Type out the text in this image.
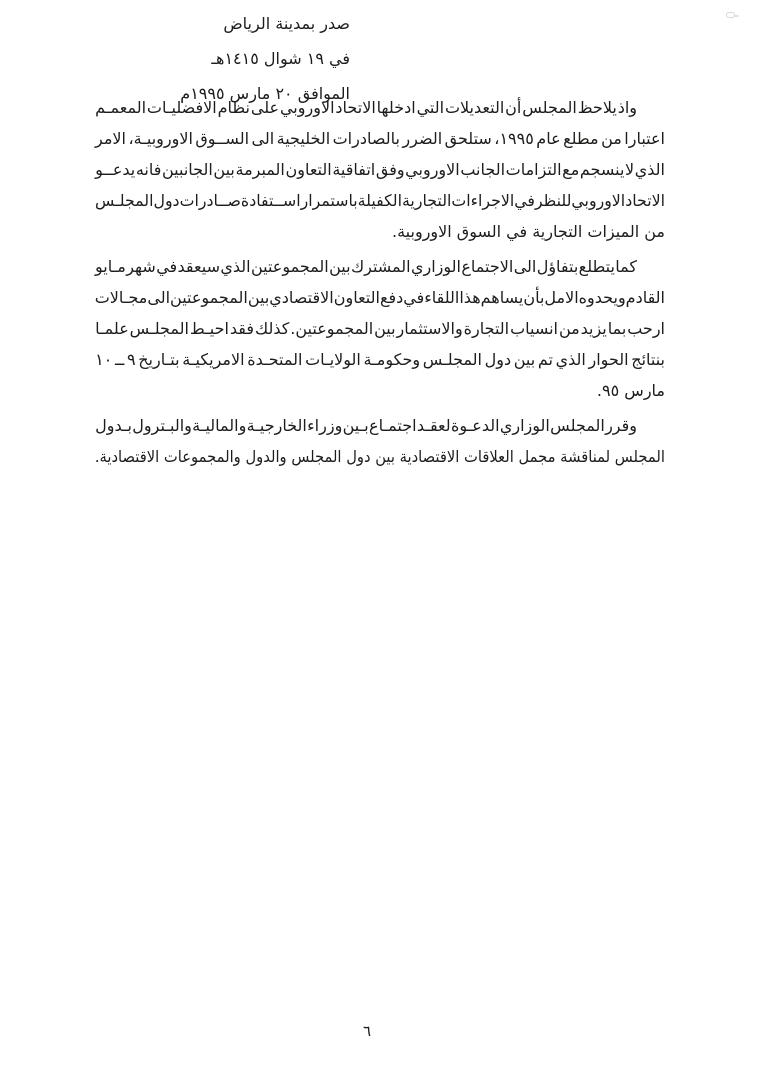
واذ
يلاحظ
المجلس
أن
التعديلات
التي
ادخلها
الاتحاد
الاوروبي
على
نظام
الافضليـات
المعمـم
اعتبارا
من
مطلع
عام
١٩٩٥،
ستلحق
الضرر
بالصادرات
الخليجية
الى
الســوق
الاوروبيـة،
الامر
الذي
لا
ينسجم
مع
التزامات
الجانب
الاوروبي
وفق
اتفاقية
التعاون
المبرمة
بين
الجانبين
فانه
يدعــو
الاتحاد
الاوروبي
للنظر
في
الاجراءات
التجارية
الكفيلة
باستمرار
اســتفادة
صــادرات
دول
المجلـس
من الميزات التجارية في السوق الاوروبية.
كما
يتطلع
بتفاؤل
الى
الاجتماع
الوزاري
المشترك
بين
المجموعتين
الذي
سيعقد
في
شهر
مـايو
القادم
ويحدوه
الامل
بأن
يساهم
هذا
اللقاء
في
دفع
التعاون
الاقتصادي
بين
المجموعتين
الى
مجـالات
ارحب
بما
يزيد
من
انسياب
التجارة
والاستثمار
بين
المجموعتين.
كذلك
فقد
احيـط
المجلـس
علمـا
بنتائج
الحوار
الذي
تم
بين
دول
المجلـس
وحكومـة
الولايـات
المتحـدة
الامريكيـة
بتـاريخ
٩
ــ
١٠
مارس ٩٥.
وقرر
المجلس
الوزاري
الدعـوة
لعقـد
اجتمـاع
بـين
وزراء
الخارجيـة
والماليـة
والبـترول
بـدول
المجلس لمناقشة مجمل العلاقات الاقتصادية بين دول المجلس والدول والمجموعات الاقتصادية.
صدر بمدينة الرياض
في ١٩ شوال ١٤١٥هـ
الموافق ٢٠ مارس ١٩٩٥م
٦
